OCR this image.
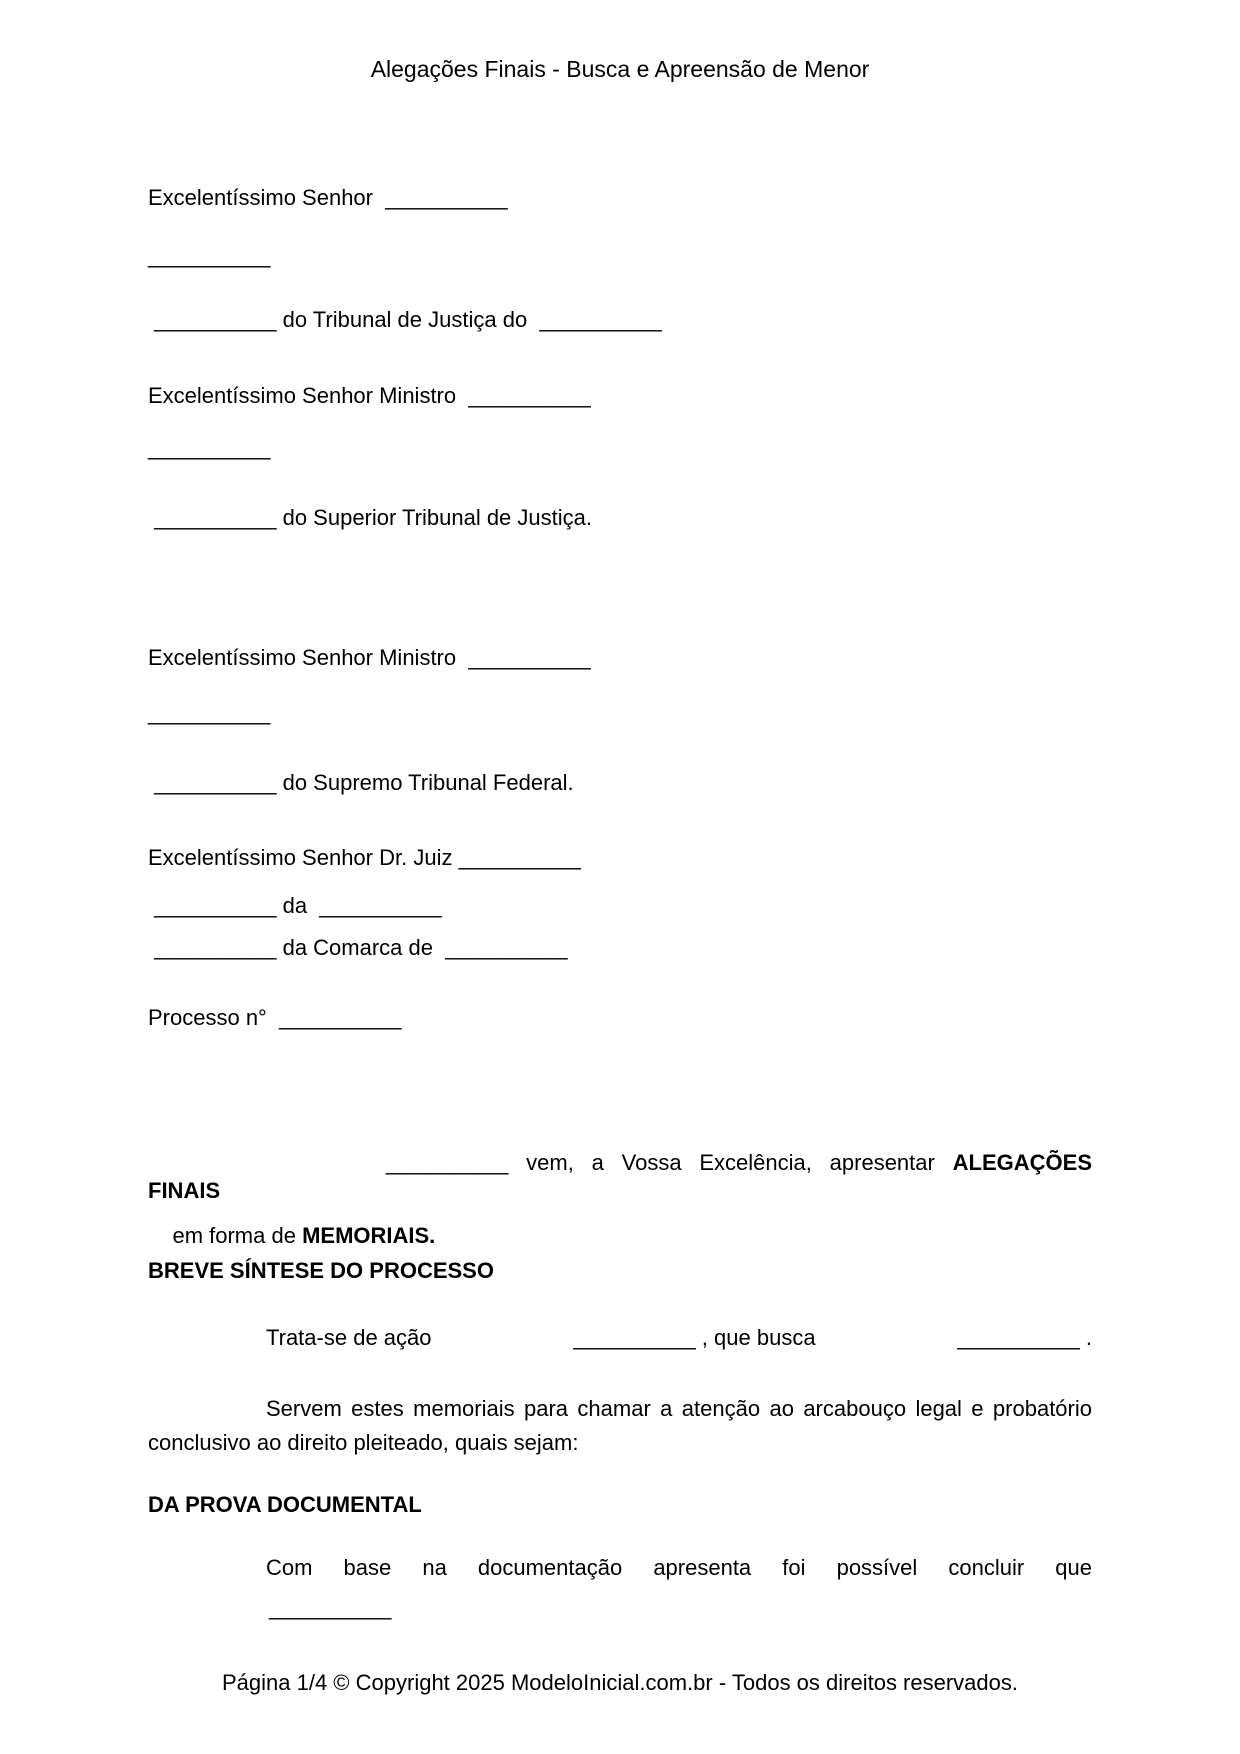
Alegações Finais - Busca e Apreensão de Menor
Excelentíssimo Senhor  __________
__________
__________ do Tribunal de Justiça do  __________
Excelentíssimo Senhor Ministro  __________
__________
__________ do Superior Tribunal de Justiça.
Excelentíssimo Senhor Ministro  __________
__________
__________ do Supremo Tribunal Federal.
Excelentíssimo Senhor Dr. Juiz __________
__________ da  __________
__________ da Comarca de  __________
Processo n°  __________
__________ vem, a Vossa Excelência, apresentar ALEGAÇÕES FINAIS

em forma de MEMORIAIS.

BREVE SÍNTESE DO PROCESSO
Trata-se de ação	__________ , que busca	__________ .
Servem estes memoriais para chamar a atenção ao arcabouço legal e probatório
conclusivo ao direito pleiteado, quais sejam:
DA PROVA DOCUMENTAL
Com base na documentação apresenta foi possível concluir que
__________
Página 1/4 © Copyright 2025 ModeloInicial.com.br - Todos os direitos reservados.
